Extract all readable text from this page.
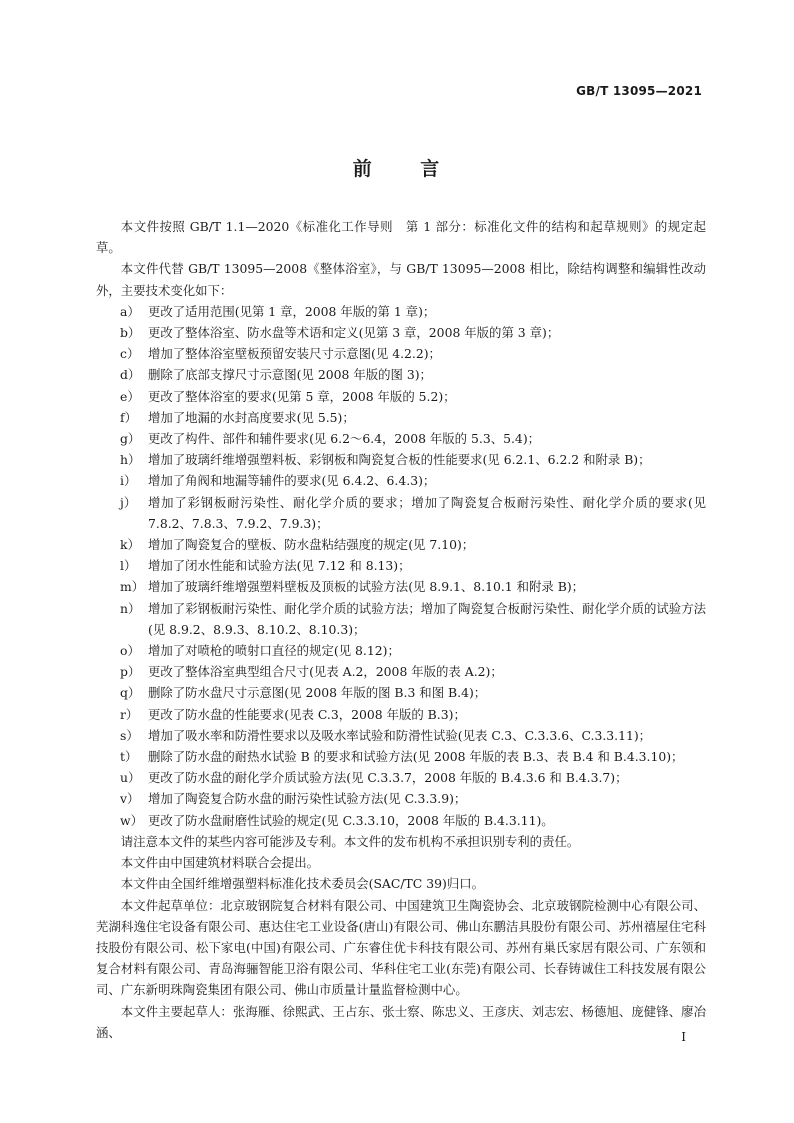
GB/T 13095—2021
前 言

本文件按照 GB/T 1.1—2020《标准化工作导则　第 1 部分：标准化文件的结构和起草规则》的规定起草。

本文件代替 GB/T 13095—2008《整体浴室》，与 GB/T 13095—2008 相比，除结构调整和编辑性改动外，主要技术变化如下：

a） 更改了适用范围(见第 1 章，2008 年版的第 1 章)；
b） 更改了整体浴室、防水盘等术语和定义(见第 3 章，2008 年版的第 3 章)；
c） 增加了整体浴室壁板预留安装尺寸示意图(见 4.2.2)；
d） 删除了底部支撑尺寸示意图(见 2008 年版的图 3)；
e） 更改了整体浴室的要求(见第 5 章，2008 年版的 5.2)；
f） 增加了地漏的水封高度要求(见 5.5)；
g） 更改了构件、部件和辅件要求(见 6.2～6.4，2008 年版的 5.3、5.4)；
h） 增加了玻璃纤维增强塑料板、彩钢板和陶瓷复合板的性能要求(见 6.2.1、6.2.2 和附录 B)；
i） 增加了角阀和地漏等辅件的要求(见 6.4.2、6.4.3)；
j） 增加了彩钢板耐污染性、耐化学介质的要求；增加了陶瓷复合板耐污染性、耐化学介质的要求(见 7.8.2、7.8.3、7.9.2、7.9.3)；
k） 增加了陶瓷复合的壁板、防水盘粘结强度的规定(见 7.10)；
l） 增加了闭水性能和试验方法(见 7.12 和 8.13)；
m） 增加了玻璃纤维增强塑料壁板及顶板的试验方法(见 8.9.1、8.10.1 和附录 B)；
n） 增加了彩钢板耐污染性、耐化学介质的试验方法；增加了陶瓷复合板耐污染性、耐化学介质的试验方法(见 8.9.2、8.9.3、8.10.2、8.10.3)；
o） 增加了对喷枪的喷射口直径的规定(见 8.12)；
p） 更改了整体浴室典型组合尺寸(见表 A.2，2008 年版的表 A.2)；
q） 删除了防水盘尺寸示意图(见 2008 年版的图 B.3 和图 B.4)；
r） 更改了防水盘的性能要求(见表 C.3，2008 年版的 B.3)；
s） 增加了吸水率和防滑性要求以及吸水率试验和防滑性试验(见表 C.3、C.3.3.6、C.3.3.11)；
t） 删除了防水盘的耐热水试验 B 的要求和试验方法(见 2008 年版的表 B.3、表 B.4 和 B.4.3.10)；
u） 更改了防水盘的耐化学介质试验方法(见 C.3.3.7，2008 年版的 B.4.3.6 和 B.4.3.7)；
v） 增加了陶瓷复合防水盘的耐污染性试验方法(见 C.3.3.9)；
w） 更改了防水盘耐磨性试验的规定(见 C.3.3.10，2008 年版的 B.4.3.11)。

请注意本文件的某些内容可能涉及专利。本文件的发布机构不承担识别专利的责任。

本文件由中国建筑材料联合会提出。

本文件由全国纤维增强塑料标准化技术委员会(SAC/TC 39)归口。

本文件起草单位：北京玻钢院复合材料有限公司、中国建筑卫生陶瓷协会、北京玻钢院检测中心有限公司、芜湖科逸住宅设备有限公司、惠达住宅工业设备(唐山)有限公司、佛山东鹏洁具股份有限公司、苏州禧屋住宅科技股份有限公司、松下家电(中国)有限公司、广东睿住优卡科技有限公司、苏州有巢氏家居有限公司、广东领和复合材料有限公司、青岛海骊智能卫浴有限公司、华科住宅工业(东莞)有限公司、长春铸诚住工科技发展有限公司、广东新明珠陶瓷集团有限公司、佛山市质量计量监督检测中心。

本文件主要起草人：张海雁、徐熙武、王占东、张士察、陈忠义、王彦庆、刘志宏、杨德旭、庞健锋、廖冶涵、	I
